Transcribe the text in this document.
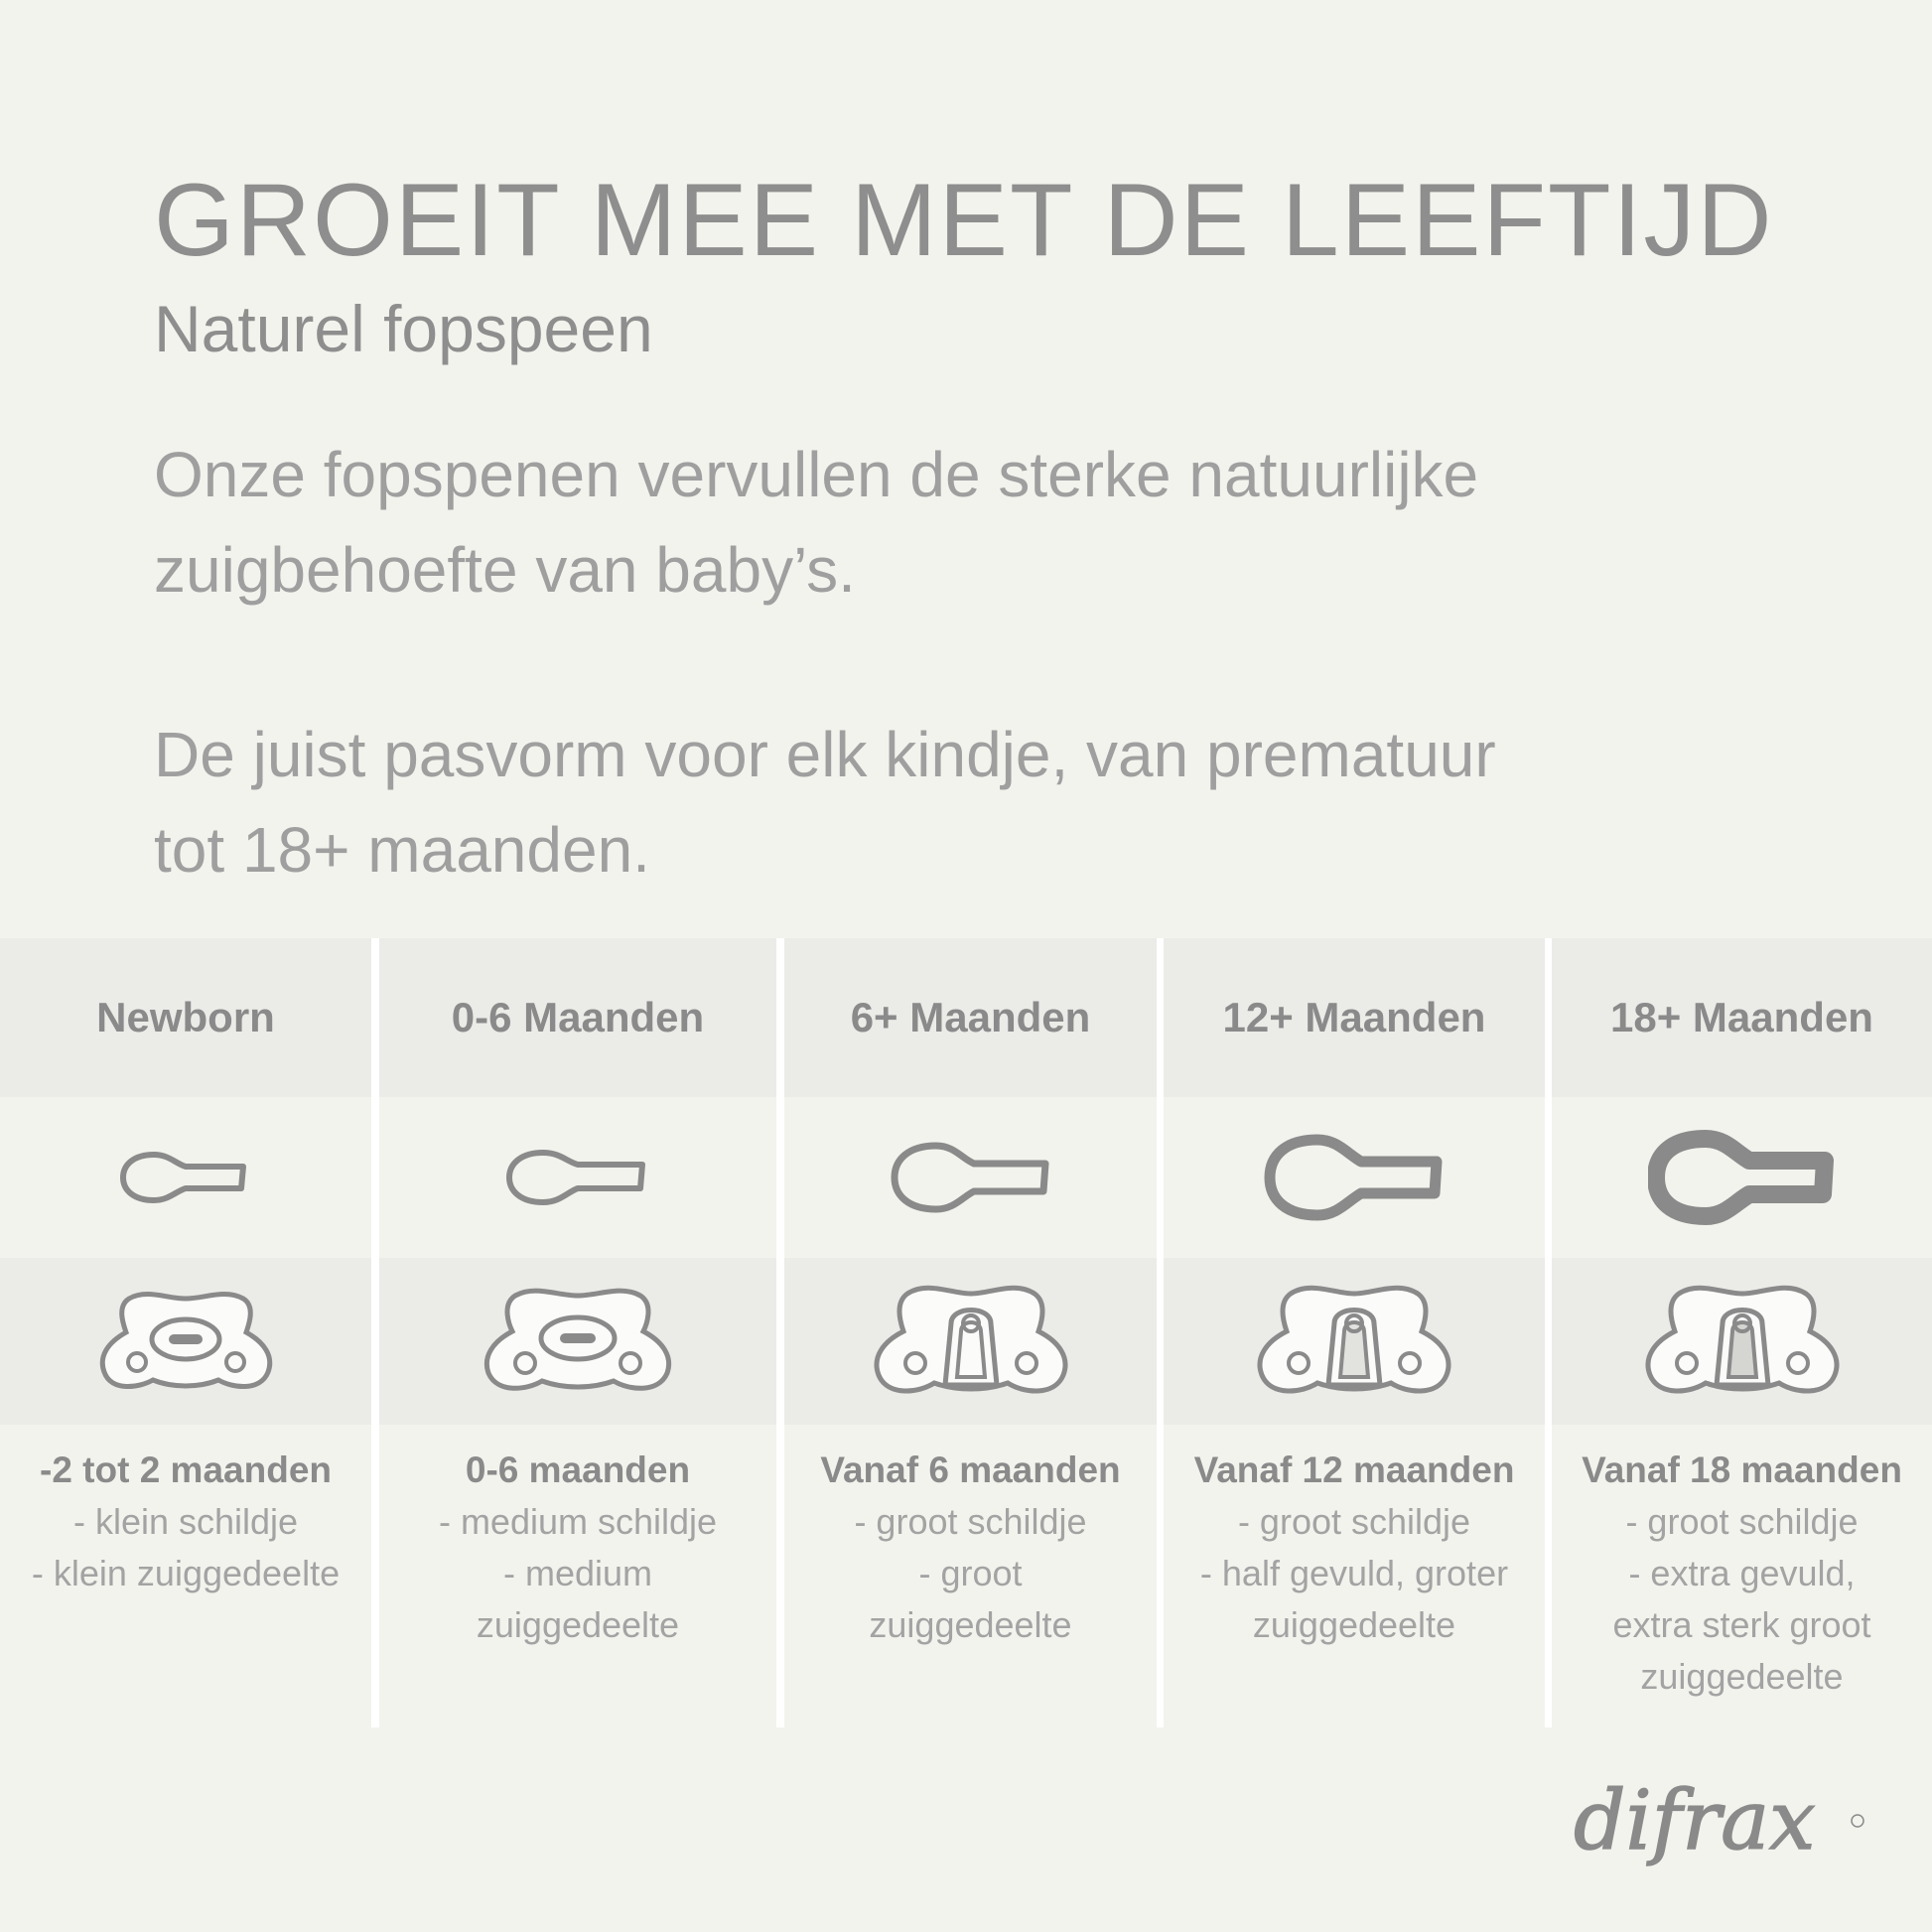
GROEIT MEE MET DE LEEFTIJD
Naturel fopspeen
Onze fopspenen vervullen de sterke natuurlijke
zuigbehoefte van baby’s.
De juist pasvorm voor elk kindje, van prematuur
tot 18+ maanden.
Newborn
-2 tot 2 maanden
- klein schildje
- klein zuiggedeelte
0-6 Maanden
0-6 maanden
- medium schildje
- medium
zuiggedeelte
6+ Maanden
Vanaf 6 maanden
- groot schildje
- groot
zuiggedeelte
12+ Maanden
Vanaf 12 maanden
- groot schildje
- half gevuld, groter
zuiggedeelte
18+ Maanden
Vanaf 18 maanden
- groot schildje
- extra gevuld,
extra sterk groot
zuiggedeelte
difrax
